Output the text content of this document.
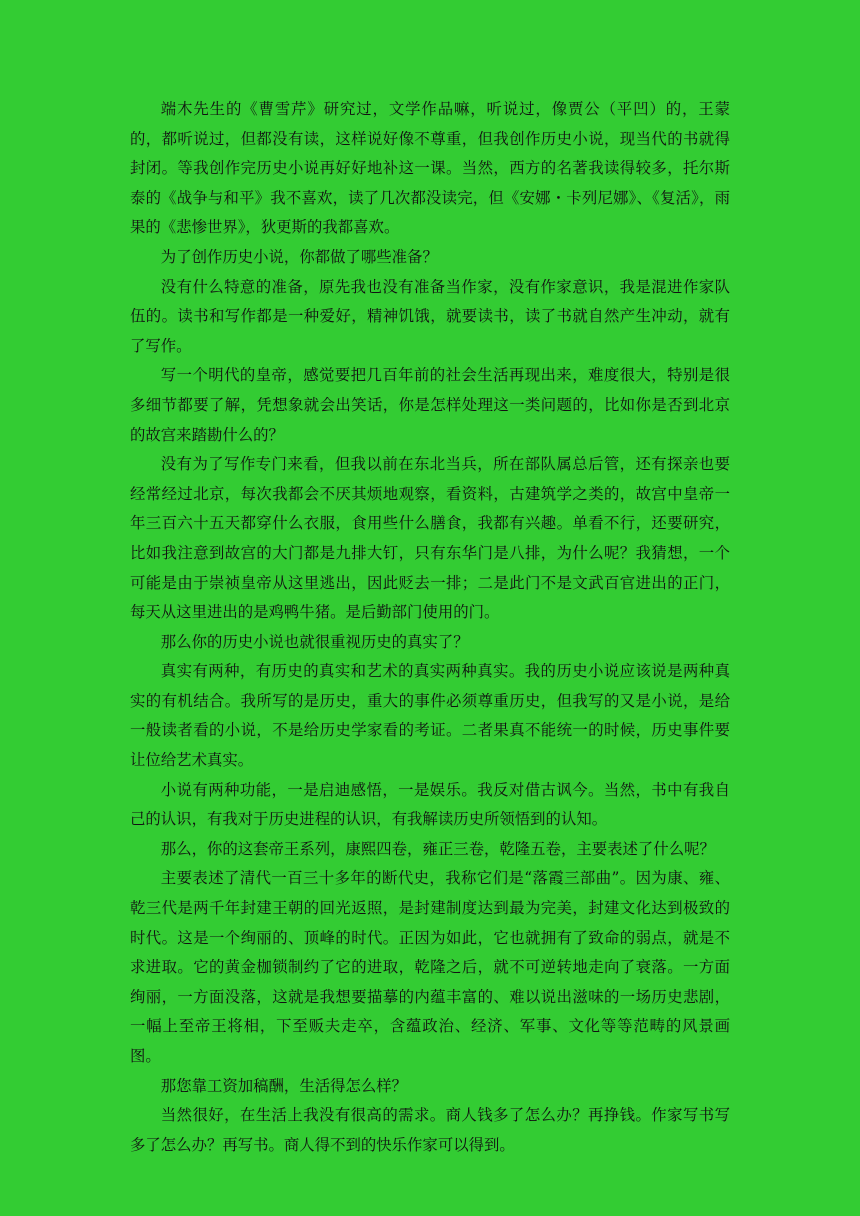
端木先生的《曹雪芹》研究过，文学作品嘛，听说过，像贾公（平凹）的，王蒙的，都听说过，但都没有读，这样说好像不尊重，但我创作历史小说，现当代的书就得封闭。等我创作完历史小说再好好地补这一课。当然，西方的名著我读得较多，托尔斯泰的《战争与和平》我不喜欢，读了几次都没读完，但《安娜・卡列尼娜》、《复活》，雨果的《悲惨世界》，狄更斯的我都喜欢。

为了创作历史小说，你都做了哪些准备？

没有什么特意的准备，原先我也没有准备当作家，没有作家意识，我是混进作家队伍的。读书和写作都是一种爱好，精神饥饿，就要读书，读了书就自然产生冲动，就有了写作。

写一个明代的皇帝，感觉要把几百年前的社会生活再现出来，难度很大，特别是很多细节都要了解，凭想象就会出笑话，你是怎样处理这一类问题的，比如你是否到北京的故宫来踏勘什么的？

没有为了写作专门来看，但我以前在东北当兵，所在部队属总后管，还有探亲也要经常经过北京，每次我都会不厌其烦地观察，看资料，古建筑学之类的，故宫中皇帝一年三百六十五天都穿什么衣服，食用些什么膳食，我都有兴趣。单看不行，还要研究，比如我注意到故宫的大门都是九排大钉，只有东华门是八排，为什么呢？我猜想，一个可能是由于崇祯皇帝从这里逃出，因此贬去一排；二是此门不是文武百官进出的正门，每天从这里进出的是鸡鸭牛猪。是后勤部门使用的门。

那么你的历史小说也就很重视历史的真实了？

真实有两种，有历史的真实和艺术的真实两种真实。我的历史小说应该说是两种真实的有机结合。我所写的是历史，重大的事件必须尊重历史，但我写的又是小说，是给一般读者看的小说，不是给历史学家看的考证。二者果真不能统一的时候，历史事件要让位给艺术真实。

小说有两种功能，一是启迪感悟，一是娱乐。我反对借古讽今。当然，书中有我自己的认识，有我对于历史进程的认识，有我解读历史所领悟到的认知。

那么，你的这套帝王系列，康熙四卷，雍正三卷，乾隆五卷，主要表述了什么呢？

主要表述了清代一百三十多年的断代史，我称它们是“落霞三部曲”。因为康、雍、乾三代是两千年封建王朝的回光返照，是封建制度达到最为完美，封建文化达到极致的时代。这是一个绚丽的、顶峰的时代。正因为如此，它也就拥有了致命的弱点，就是不求进取。它的黄金枷锁制约了它的进取，乾隆之后，就不可逆转地走向了衰落。一方面绚丽，一方面没落，这就是我想要描摹的内蕴丰富的、难以说出滋味的一场历史悲剧，一幅上至帝王将相，下至贩夫走卒，含蕴政治、经济、军事、文化等等范畴的风景画图。

那您靠工资加稿酬，生活得怎么样？

当然很好，在生活上我没有很高的需求。商人钱多了怎么办？再挣钱。作家写书写多了怎么办？再写书。商人得不到的快乐作家可以得到。
